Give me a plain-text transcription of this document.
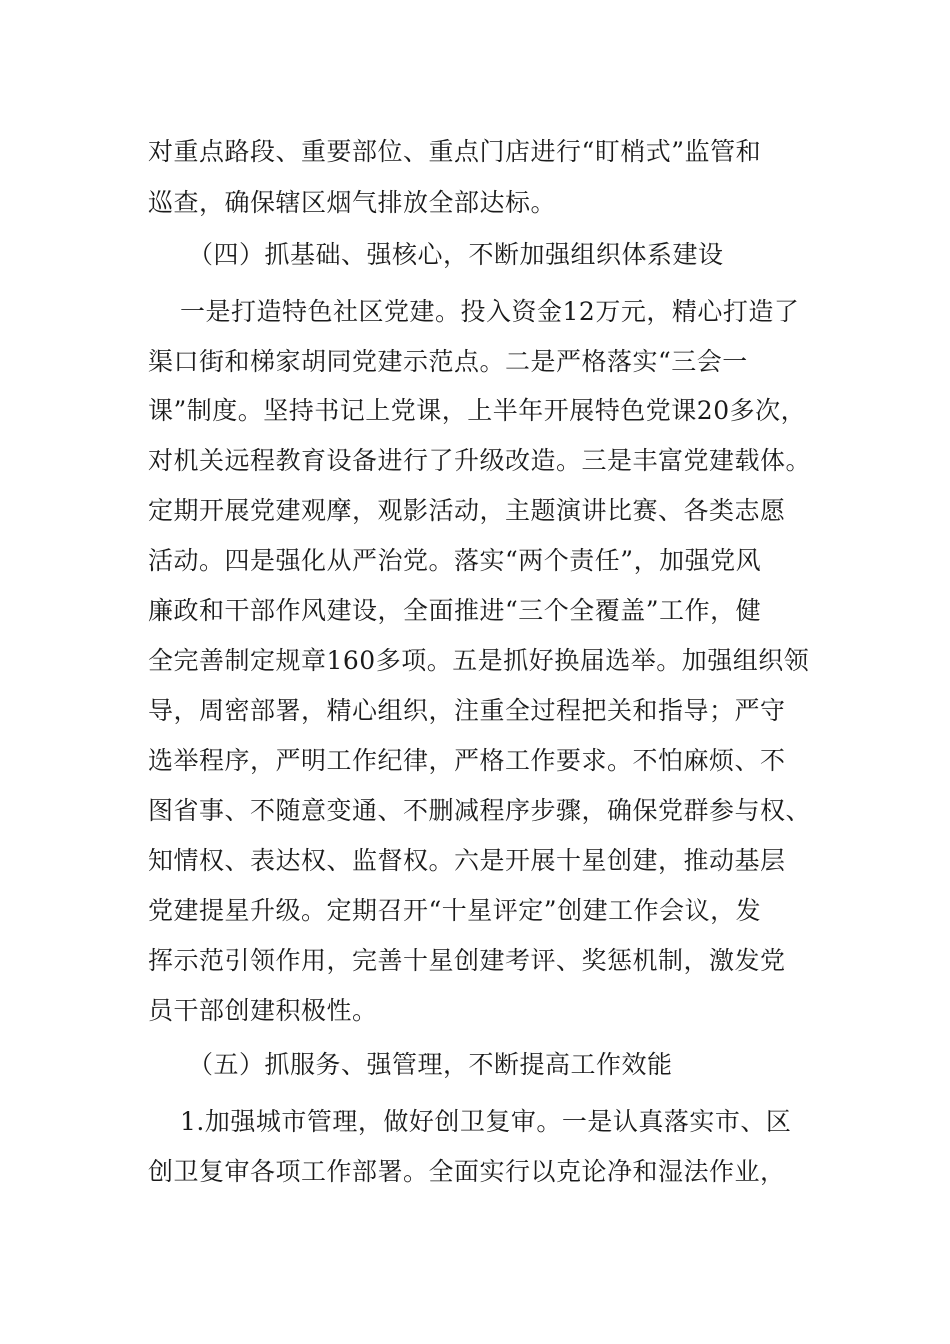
对重点路段、重要部位、重点门店进行“盯梢式”监管和
巡查，确保辖区烟气排放全部达标。
（四）抓基础、强核心，不断加强组织体系建设
一是打造特色社区党建。投入资金12万元，精心打造了
渠口街和梯家胡同党建示范点。二是严格落实“三会一
课”制度。坚持书记上党课，上半年开展特色党课20多次，
对机关远程教育设备进行了升级改造。三是丰富党建载体。
定期开展党建观摩，观影活动，主题演讲比赛、各类志愿
活动。四是强化从严治党。落实“两个责任”，加强党风
廉政和干部作风建设，全面推进“三个全覆盖”工作，健
全完善制定规章160多项。五是抓好换届选举。加强组织领
导，周密部署，精心组织，注重全过程把关和指导；严守
选举程序，严明工作纪律，严格工作要求。不怕麻烦、不
图省事、不随意变通、不删减程序步骤，确保党群参与权、
知情权、表达权、监督权。六是开展十星创建，推动基层
党建提星升级。定期召开“十星评定”创建工作会议，发
挥示范引领作用，完善十星创建考评、奖惩机制，激发党
员干部创建积极性。
（五）抓服务、强管理，不断提高工作效能
1.加强城市管理，做好创卫复审。一是认真落实市、区
创卫复审各项工作部署。全面实行以克论净和湿法作业，
